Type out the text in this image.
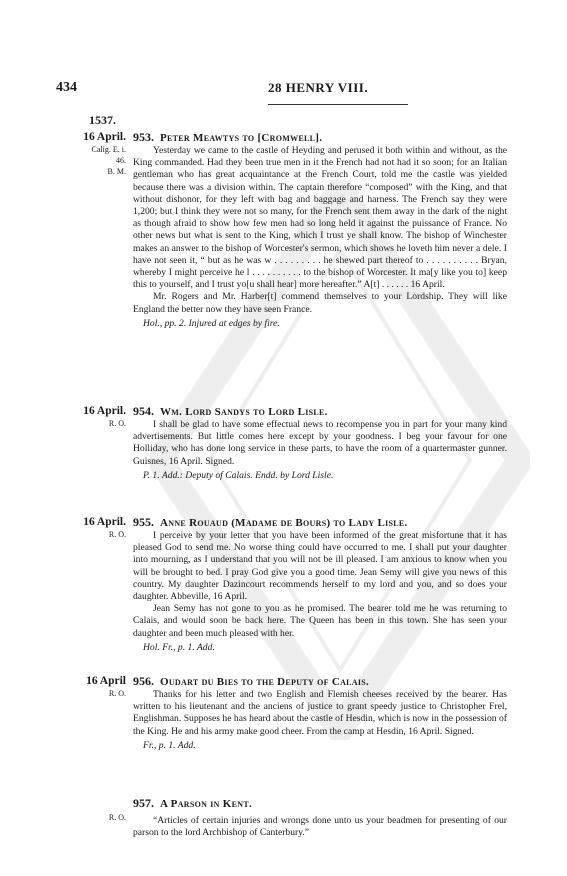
434	28 HENRY VIII.
1537.
16 April.
Calig. E. i.
46.
B. M.
953. Peter Meawtys to [Cromwell].

Yesterday we came to the castle of Heyding and perused it both within and without, as the King commanded. Had they been true men in it the French had not had it so soon; for an Italian gentleman who has great acquaintance at the French Court, told me the castle was yielded because there was a division within. The captain therefore “composed” with the King, and that without dishonor, for they left with bag and baggage and harness. The French say they were 1,200; but I think they were not so many, for the French sent them away in the dark of the night as though afraid to show how few men had so long held it against the puissance of France. No other news but what is sent to the King, which I trust ye shall know. The bishop of Winchester makes an answer to the bishop of Worcester's sermon, which shows he loveth him never a dele. I have not seen it, “ but as he was w . . . . . . . . . he shewed part thereof to . . . . . . . . . . Bryan, whereby I might perceive he l . . . . . . . . . . to the bishop of Worcester. It ma[y like you to] keep this to yourself, and I trust yo[u shall hear] more hereafter.” A[t] . . . . . . 16 April.

Mr. Rogers and Mr. Harber[t] commend themselves to your Lordship. They will like England the better now they have seen France.

Hol., pp. 2. Injured at edges by fire.

16 April.
R. O.
954. Wm. Lord Sandys to Lord Lisle.

I shall be glad to have some effectual news to recompense you in part for your many kind advertisements. But little comes here except by your goodness. I beg your favour for one Holliday, who has done long service in these parts, to have the room of a quartermaster gunner. Guisnes, 16 April. Signed.

P. 1. Add.: Deputy of Calais. Endd. by Lord Lisle.

16 April.
R. O.
955. Anne Rouaud (Madame de Bours) to Lady Lisle.

I perceive by your letter that you have been informed of the great misfortune that it has pleased God to send me. No worse thing could have occurred to me. I shall put your daughter into mourning, as I understand that you will not be ill pleased. I am anxious to know when you will be brought to bed. I pray God give you a good time. Jean Semy will give you news of this country. My daughter Dazincourt recommends herself to my lord and you, and so does your daughter. Abbeville, 16 April.

Jean Semy has not gone to you as he promised. The bearer told me he was returning to Calais, and would soon be back here. The Queen has been in this town. She has seen your daughter and been much pleased with her.

Hol. Fr., p. 1. Add.

16 April
R. O.
956. Oudart du Bies to the Deputy of Calais.

Thanks for his letter and two English and Flemish cheeses received by the bearer. Has written to his lieutenant and the anciens of justice to grant speedy justice to Christopher Frel, Englishman. Supposes he has heard about the castle of Hesdin, which is now in the possession of the King. He and his army make good cheer. From the camp at Hesdin, 16 April. Signed.

Fr., p. 1. Add.

R. O.
957. A Parson in Kent.

“Articles of certain injuries and wrongs done unto us your beadmen for presenting of our parson to the lord Archbishop of Canterbury.”
